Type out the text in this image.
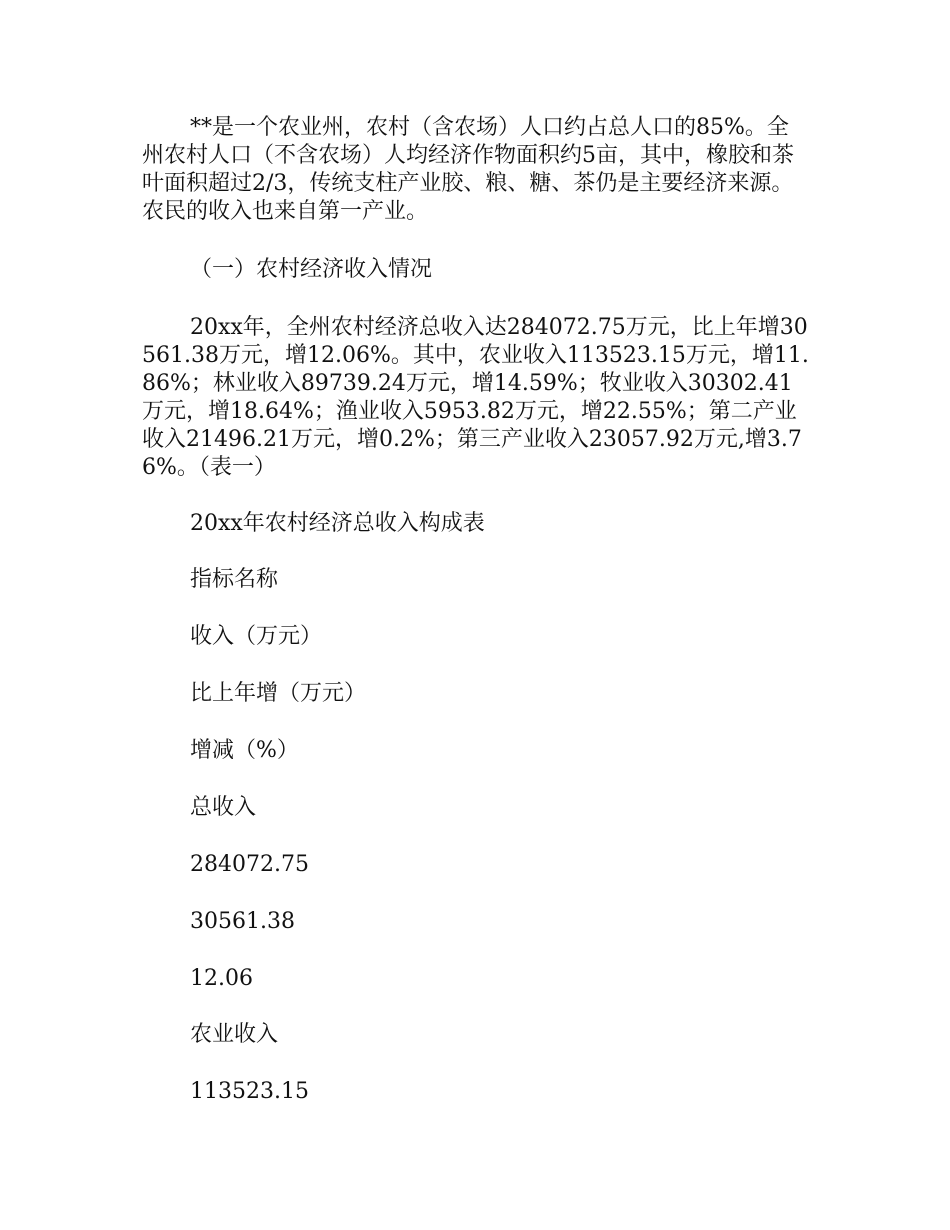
**是一个农业州，农村（含农场）人口约占总人口的85%。全州农村人口（不含农场）人均经济作物面积约5亩，其中，橡胶和茶叶面积超过2/3，传统支柱产业胶、粮、糖、茶仍是主要经济来源。农民的收入也来自第一产业。

（一）农村经济收入情况

20xx年，全州农村经济总收入达284072.75万元，比上年增30561.38万元，增12.06%。其中，农业收入113523.15万元，增11.86%；林业收入89739.24万元，增14.59%；牧业收入30302.41万元，增18.64%；渔业收入5953.82万元，增22.55%；第二产业收入21496.21万元，增0.2%；第三产业收入23057.92万元,增3.76%。（表一）

20xx年农村经济总收入构成表

指标名称

收入（万元）

比上年增（万元）

增减（%）

总收入

284072.75

30561.38

12.06

农业收入

113523.15
